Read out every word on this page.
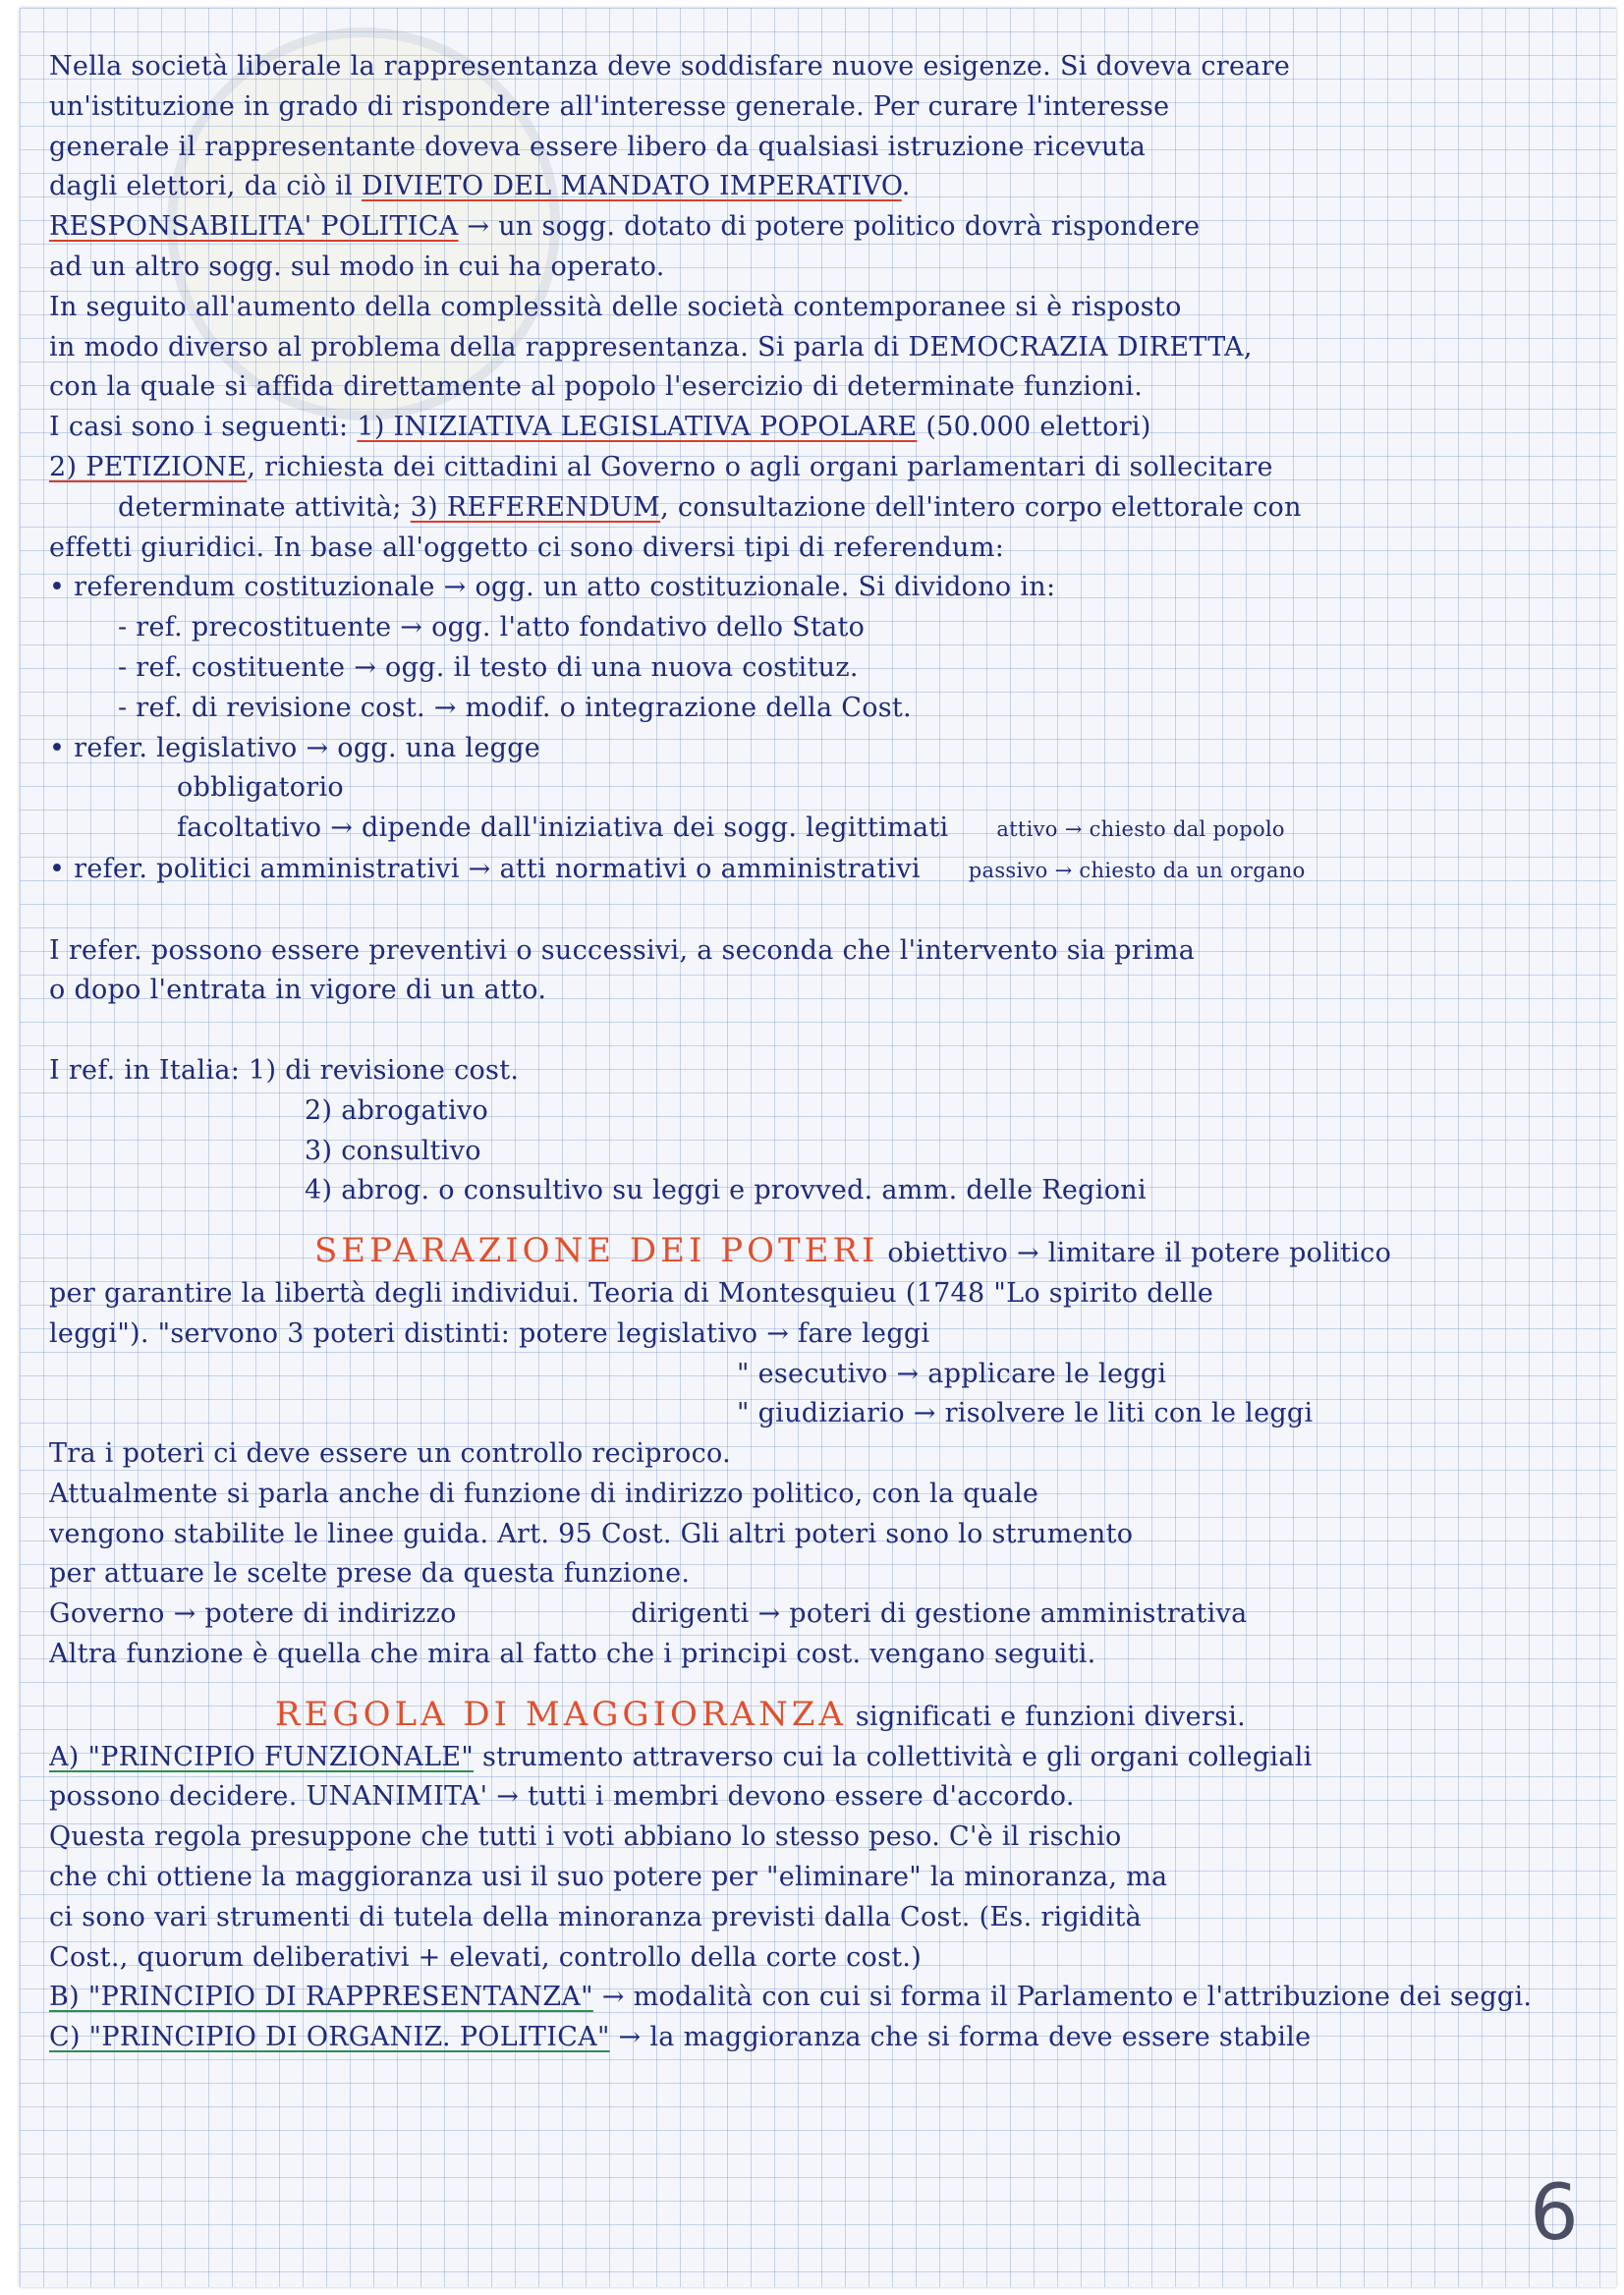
Nella società liberale la rappresentanza deve soddisfare nuove esigenze. Si doveva creare
un'istituzione in grado di rispondere all'interesse generale. Per curare l'interesse
generale il rappresentante doveva essere libero da qualsiasi istruzione ricevuta
dagli elettori, da ciò il DIVIETO DEL MANDATO IMPERATIVO.
RESPONSABILITA' POLITICA → un sogg. dotato di potere politico dovrà rispondere
ad un altro sogg. sul modo in cui ha operato.
In seguito all'aumento della complessità delle società contemporanee si è risposto
in modo diverso al problema della rappresentanza. Si parla di DEMOCRAZIA DIRETTA,
con la quale si affida direttamente al popolo l'esercizio di determinate funzioni.
I casi sono i seguenti: 1) INIZIATIVA LEGISLATIVA POPOLARE (50.000 elettori)
2) PETIZIONE, richiesta dei cittadini al Governo o agli organi parlamentari di sollecitare
determinate attività; 3) REFERENDUM, consultazione dell'intero corpo elettorale con
effetti giuridici. In base all'oggetto ci sono diversi tipi di referendum:
• referendum costituzionale → ogg. un atto costituzionale. Si dividono in:
- ref. precostituente → ogg. l'atto fondativo dello Stato
- ref. costituente → ogg. il testo di una nuova costituz.
- ref. di revisione cost. → modif. o integrazione della Cost.
• refer. legislativo → ogg. una legge
obbligatorio
facoltativo → dipende dall'iniziativa dei sogg. legittimati attivo → chiesto dal popolo
• refer. politici amministrativi → atti normativi o amministrativi passivo → chiesto da un organo
I refer. possono essere preventivi o successivi, a seconda che l'intervento sia prima
o dopo l'entrata in vigore di un atto.
I ref. in Italia: 1) di revisione cost.
2) abrogativo
3) consultivo
4) abrog. o consultivo su leggi e provved. amm. delle Regioni
SEPARAZIONE DEI POTERI obiettivo → limitare il potere politico
per garantire la libertà degli individui. Teoria di Montesquieu (1748 "Lo spirito delle
leggi"). "servono 3 poteri distinti: potere legislativo → fare leggi
" esecutivo → applicare le leggi
" giudiziario → risolvere le liti con le leggi
Tra i poteri ci deve essere un controllo reciproco.
Attualmente si parla anche di funzione di indirizzo politico, con la quale
vengono stabilite le linee guida. Art. 95 Cost. Gli altri poteri sono lo strumento
per attuare le scelte prese da questa funzione.
Governo → potere di indirizzo                    dirigenti → poteri di gestione amministrativa
Altra funzione è quella che mira al fatto che i principi cost. vengano seguiti.
REGOLA DI MAGGIORANZA significati e funzioni diversi.
A) "PRINCIPIO FUNZIONALE" strumento attraverso cui la collettività e gli organi collegiali
possono decidere. UNANIMITA' → tutti i membri devono essere d'accordo.
Questa regola presuppone che tutti i voti abbiano lo stesso peso. C'è il rischio
che chi ottiene la maggioranza usi il suo potere per "eliminare" la minoranza, ma
ci sono vari strumenti di tutela della minoranza previsti dalla Cost. (Es. rigidità
Cost., quorum deliberativi + elevati, controllo della corte cost.)
B) "PRINCIPIO DI RAPPRESENTANZA" → modalità con cui si forma il Parlamento e l'attribuzione dei seggi.
C) "PRINCIPIO DI ORGANIZ. POLITICA" → la maggioranza che si forma deve essere stabile
6
